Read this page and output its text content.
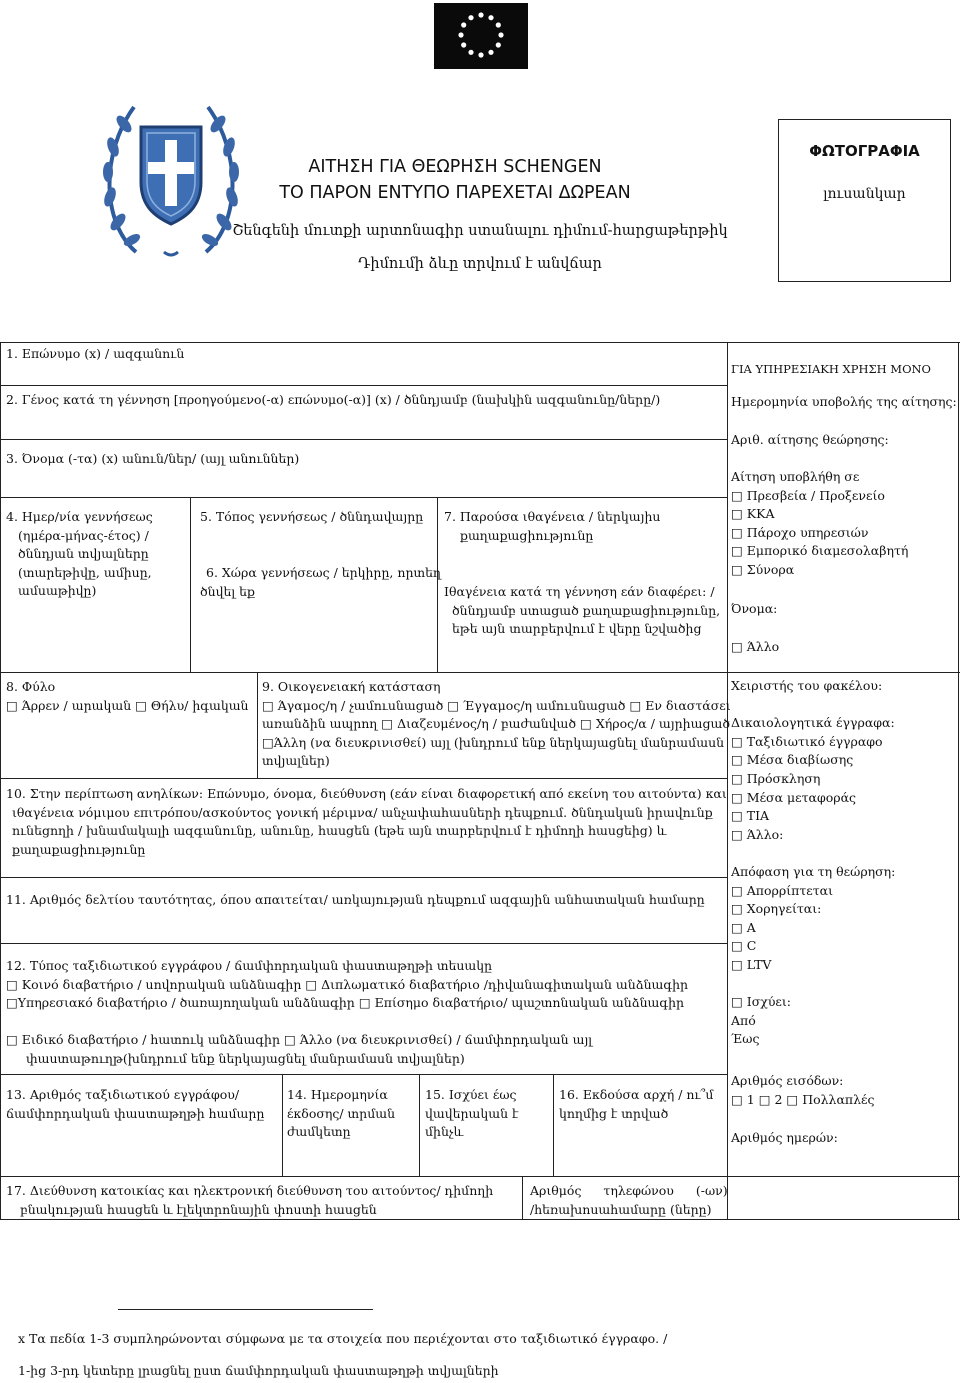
ΑΙΤΗΣΗ ΓΙΑ ΘΕΩΡΗΣΗ SCHENGEN
ΤΟ ΠΑΡΟΝ ΕΝΤΥΠΟ ΠΑΡΕΧΕΤΑΙ ΔΩΡΕΑΝ
Շենգենի մուտքի արտոնագիր ստանալու դիմում-հարցաթերթիկ
Դիմումի ձևը տրվում է անվճար
ΦΩΤΟΓΡΑΦΙΑ
լուսանկար
1. Επώνυμο (x) / ազգանուն
2. Γένος κατά τη γέννηση [προηγούμενο(-α) επώνυμο(-α)] (x) / ծննդյամբ (նախկին ազգանունը/ները/)
3. Όνομα (-τα) (x) անուն/ներ/ (այլ անուններ)
4. Ημερ/νία γεννήσεως
(ημέρα-μήνας-έτος) /
ծննդյան տվյալները
(տարեթիվը, ամիսը,
ամսաթիվը)
5. Τόπος γεννήσεως / ծննդավայրը
6. Χώρα γεννήσεως / երկիրը, որտեղ
ծնվել եք
7. Παρούσα ιθαγένεια / ներկայիս
քաղաքացիությունը
Ιθαγένεια κατά τη γέννηση εάν διαφέρει: /
ծննդյամբ ստացած քաղաքացիությունը,
եթե այն տարբերվում է վերը նշվածից
8. Φύλο
□ Άρρεν / արական □ Θήλυ/ իգական
9. Οικογενειακή κατάσταση
□ Άγαμος/η / չամուսնացած □ Έγγαμος/η ամուսնացած □ Εν διαστάσει
առանձին ապրող □ Διαζευμένος/η / բաժանված □ Χήρος/α / այրիացած
□Άλλη (να διευκρινισθεί) այլ (խնդրում ենք ներկայացնել մանրամասն
տվյալներ)
10. Στην περίπτωση ανηλίκων: Επώνυμο, όνομα, διεύθυνση (εάν είναι διαφορετική από εκείνη του αιτούντα) και
ιθαγένεια νόμιμου επιτρόπου/ασκούντος γονική μέριμνα/ անչափահասների դեպքում. ծննդական իրավունք
ունեցողի / խնամակալի ազգանունը, անունը, հասցեն (եթե այն տարբերվում է դիմողի հասցեից) և
քաղաքացիությունը
11. Αριθμός δελτίου ταυτότητας, όπου απαιτείται/ առկայության դեպքում ազգային անհատական համարը
12. Τύπος ταξιδιωτικού εγγράφου / ճամփորդական փաստաթղթի տեսակը
□ Κοινό διαβατήριο / սովորական անձնագիր □ Διπλωματικό διαβατήριο /դիվանագիտական անձնագիր
□Υπηρεσιακό διαβατήριο / ծառայողական անձնագիր □ Επίσημο διαβατήριο/ պաշտոնական անձնագիր
□ Ειδικό διαβατήριο / հատուկ անձնագիր □ Άλλο (να διευκρινισθεί) / ճամփորդական այլ
փաստաթուղթ(խնդրում ենք ներկայացնել մանրամասն տվյալներ)
13. Αριθμός ταξιδιωτικού εγγράφου/
ճամփորդական փաստաթղթի համարը
14. Ημερομηνία
έκδοσης/ տրման
ժամկետը
15. Ισχύει έως
վավերական է
մինչև
16. Εκδούσα αρχή / ու՞մ
կողմից է տրված
17. Διεύθυνση κατοικίας και ηλεκτρονική διεύθυνση του αιτούντος/ դիմողի
բնակության հասցեն և էլեկտրոնային փոստի հասցեն
Αριθμός τηλεφώνου (-ων)
/հեռախոսահամարը (ները)
ΓΙΑ ΥΠΗΡΕΣΙΑΚΗ ΧΡΗΣΗ ΜΟΝΟ
Ημερομηνία υποβολής της αίτησης:
Αριθ. αίτησης θεώρησης:
Αίτηση υποβλήθη σε
□ Πρεσβεία / Προξενείο
□ ΚΚΑ
□ Πάροχο υπηρεσιών
□ Εμπορικό διαμεσολαβητή
□ Σύνορα
Όνομα:
□ Άλλο
Χειριστής του φακέλου:
Δικαιολογητικά έγγραφα:
□ Ταξιδιωτικό έγγραφο
□ Μέσα διαβίωσης
□ Πρόσκληση
□ Μέσα μεταφοράς
□ ΤΙΑ
□ Άλλο:
Απόφαση για τη θεώρηση:
□ Απορρίπτεται
□ Χορηγείται:
□ Α
□ C
□ LTV
□ Ισχύει:
Από
Έως
Αριθμός εισόδων:
□ 1 □ 2 □ Πολλαπλές
Αριθμός ημερών:
x Τα πεδία 1-3 συμπληρώνονται σύμφωνα με τα στοιχεία που περιέχονται στο ταξιδιωτικό έγγραφο. /
1-ից 3-րդ կետերը լրացնել ըստ ճամփորդական փաստաթղթի տվյալների
